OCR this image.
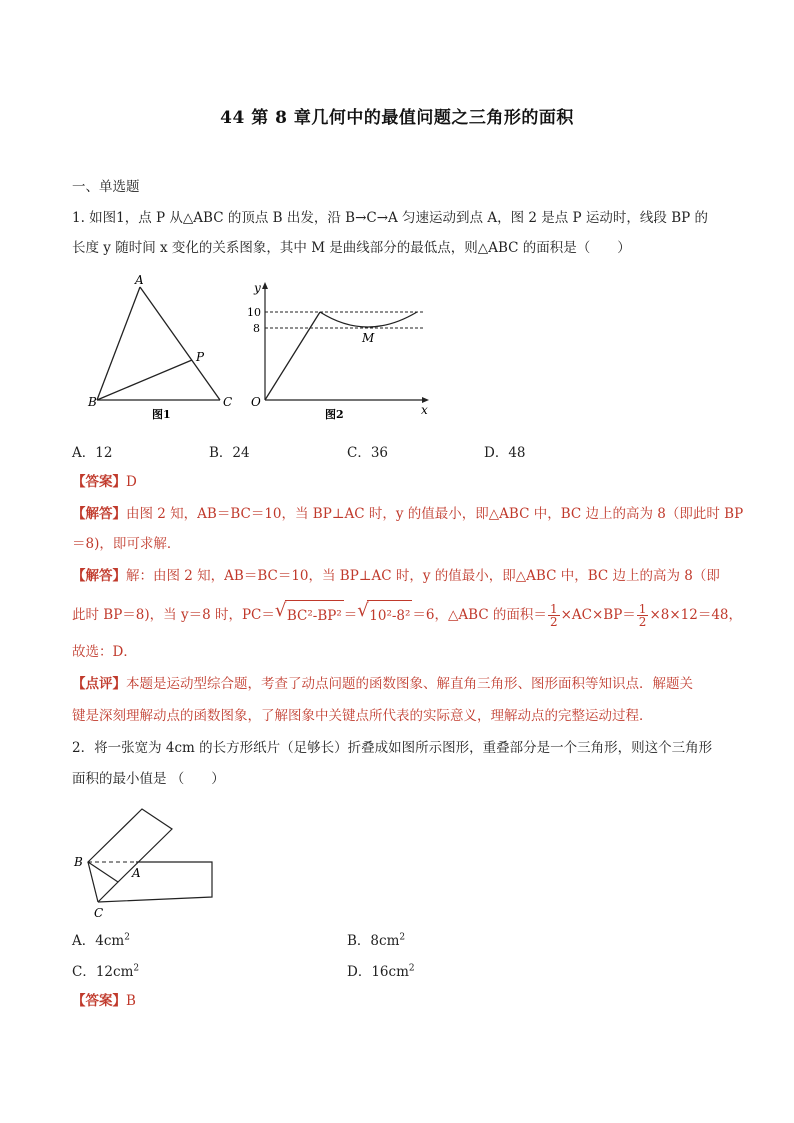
44 第 8 章几何中的最值问题之三角形的面积
一、单选题
1. 如图1，点 P 从△ABC 的顶点 B 出发，沿 B→C→A 匀速运动到点 A，图 2 是点 P 运动时，线段 BP 的
长度 y 随时间 x 变化的关系图象，其中 M 是曲线部分的最低点，则△ABC 的面积是（　　）
A
B	C
P
图1
y
x
O
10
8
M
图2
A．12	B．24	C．36	D．48
【答案】D
【解答】由图 2 知，AB＝BC＝10，当 BP⊥AC 时，y 的值最小，即△ABC 中，BC 边上的高为 8（即此时 BP
＝8)，即可求解．
【解答】解：由图 2 知，AB＝BC＝10，当 BP⊥AC 时，y 的值最小，即△ABC 中，BC 边上的高为 8（即
此时 BP＝8)，当 y＝8 时，PC＝ √ BC²-BP² ＝ √ 10²-8² ＝6，△ABC 的面积＝ $\frac{1}{2} \times AC\times BP= \frac{1}{2} \times 8\times 12=48$，
故选：D．
【点评】本题是运动型综合题，考查了动点问题的函数图象、解直角三角形、图形面积等知识点．解题关
键是深刻理解动点的函数图象，了解图象中关键点所代表的实际意义，理解动点的完整运动过程．
2．将一张宽为 4cm 的长方形纸片（足够长）折叠成如图所示图形，重叠部分是一个三角形，则这个三角形
面积的最小值是 （　　）
B
A
C
A．$4cm^2$	B．$8cm^2$
C．$12cm^2$	D．$16cm^2$
【答案】B
